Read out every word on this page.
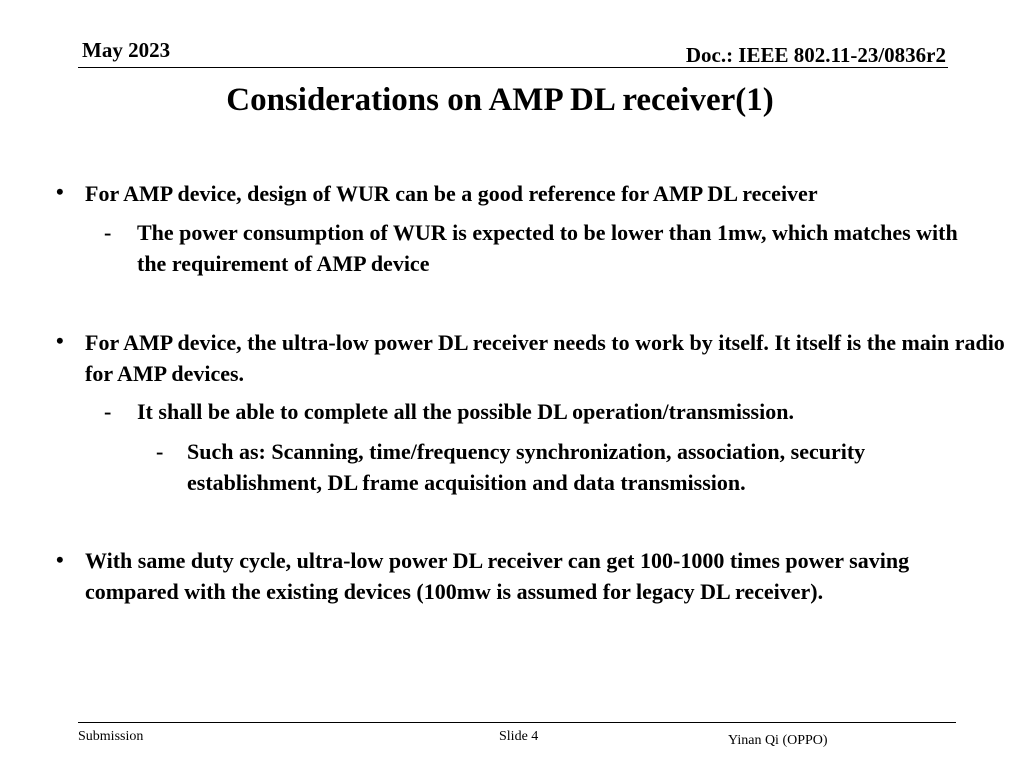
May 2023	Doc.: IEEE 802.11-23/0836r2
Considerations on AMP DL receiver(1)
• For AMP device, design of WUR can be a good reference for AMP DL receiver
- The power consumption of WUR is expected to be lower than 1mw, which matches with the requirement of AMP device
• For AMP device, the ultra-low power DL receiver needs to work by itself. It itself is the main radio for AMP devices.
- It shall be able to complete all the possible DL operation/transmission.
- Such as: Scanning, time/frequency synchronization, association, security establishment, DL frame acquisition and data transmission.
• With same duty cycle, ultra-low power DL receiver can get 100-1000 times power saving compared with the existing devices (100mw is assumed for legacy DL receiver).
Submission	Slide 4	Yinan Qi (OPPO)
